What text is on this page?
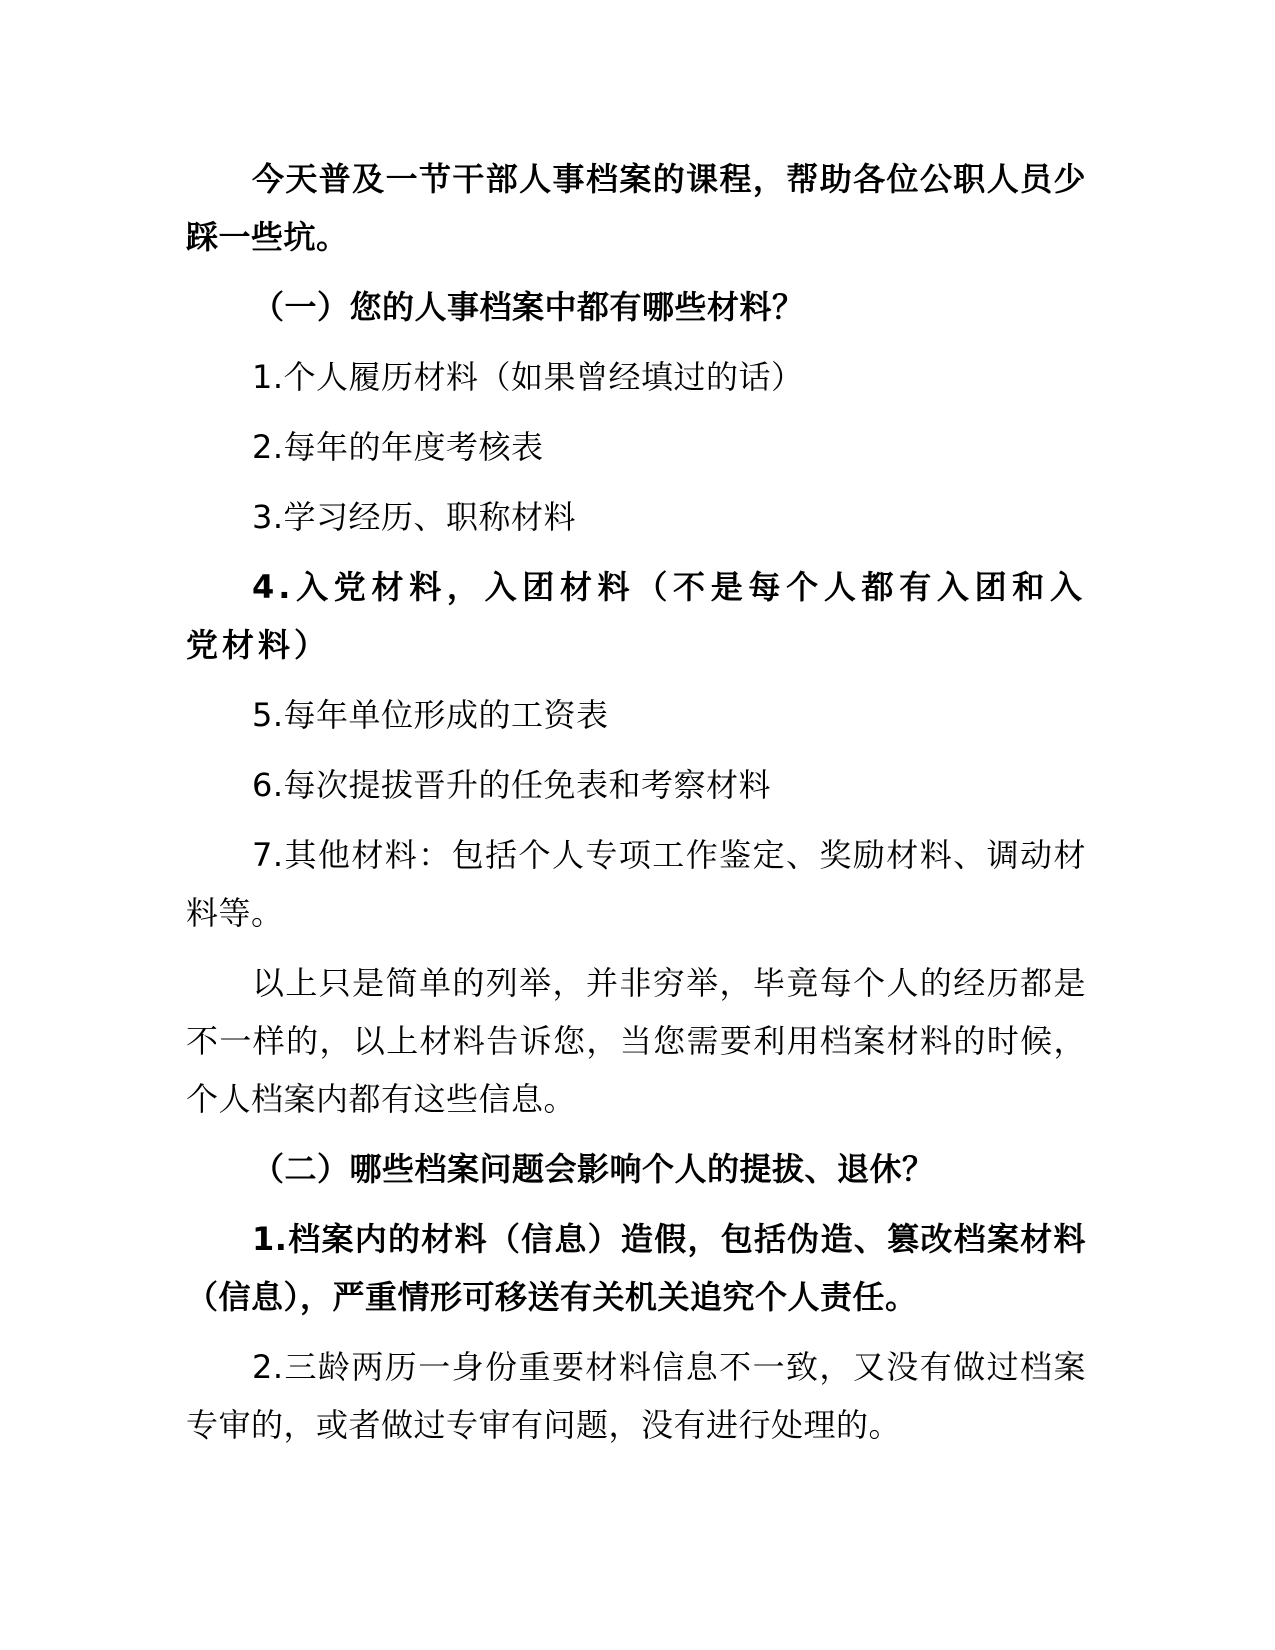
今天普及一节干部人事档案的课程，帮助各位公职人员少踩一些坑。

（一）您的人事档案中都有哪些材料？

1.个人履历材料（如果曾经填过的话）

2.每年的年度考核表

3.学习经历、职称材料

4.入党材料，入团材料（不是每个人都有入团和入党材料）

5.每年单位形成的工资表

6.每次提拔晋升的任免表和考察材料

7.其他材料：包括个人专项工作鉴定、奖励材料、调动材料等。

以上只是简单的列举，并非穷举，毕竟每个人的经历都是不一样的，以上材料告诉您，当您需要利用档案材料的时候，个人档案内都有这些信息。

（二）哪些档案问题会影响个人的提拔、退休？

1.档案内的材料（信息）造假，包括伪造、篡改档案材料（信息），严重情形可移送有关机关追究个人责任。

2.三龄两历一身份重要材料信息不一致，又没有做过档案专审的，或者做过专审有问题，没有进行处理的。
